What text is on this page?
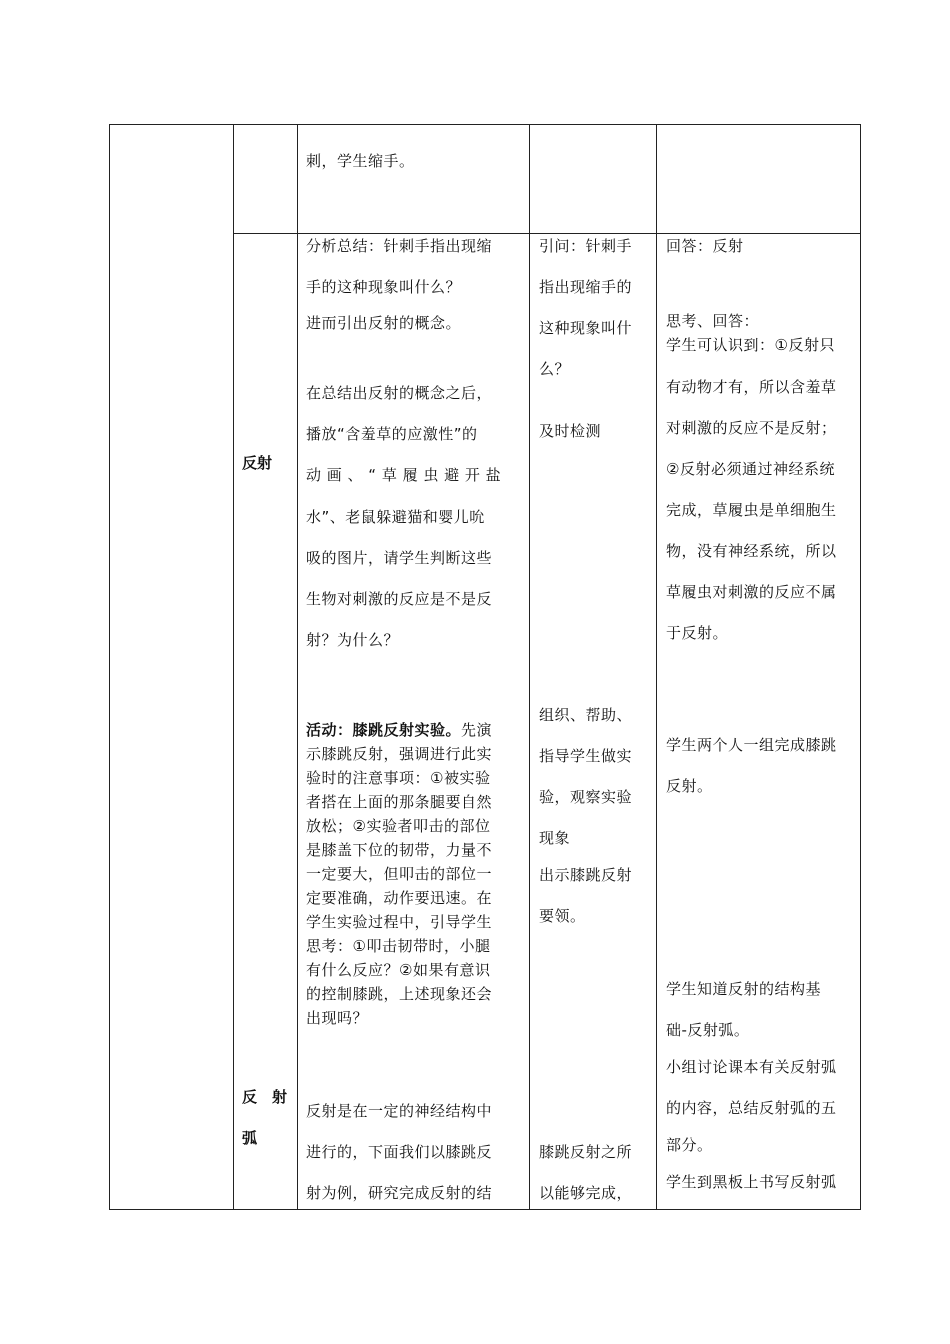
刺，学生缩手。
反射
反　射
弧
分析总结：针刺手指出现缩
手的这种现象叫什么？
进而引出反射的概念。
在总结出反射的概念之后，
播放“含羞草的应激性”的
动 画 、 “ 草 履 虫 避 开 盐
水”、老鼠躲避猫和婴儿吮
吸的图片，请学生判断这些
生物对刺激的反应是不是反
射？为什么？
活动：膝跳反射实验。先演
示膝跳反射，强调进行此实
验时的注意事项：①被实验
者搭在上面的那条腿要自然
放松；②实验者叩击的部位
是膝盖下位的韧带，力量不
一定要大，但叩击的部位一
定要准确，动作要迅速。在
学生实验过程中，引导学生
思考：①叩击韧带时，小腿
有什么反应？②如果有意识
的控制膝跳，上述现象还会
出现吗？
反射是在一定的神经结构中
进行的，下面我们以膝跳反
射为例，研究完成反射的结
引问：针刺手
指出现缩手的
这种现象叫什
么？
及时检测
组织、帮助、
指导学生做实
验，观察实验
现象
出示膝跳反射
要领。
膝跳反射之所
以能够完成，
回答：反射
思考、回答：
学生可认识到：①反射只
有动物才有，所以含羞草
对刺激的反应不是反射；
②反射必须通过神经系统
完成，草履虫是单细胞生
物，没有神经系统，所以
草履虫对刺激的反应不属
于反射。
学生两个人一组完成膝跳
反射。
学生知道反射的结构基
础-反射弧。
小组讨论课本有关反射弧
的内容，总结反射弧的五
部分。
学生到黑板上书写反射弧
